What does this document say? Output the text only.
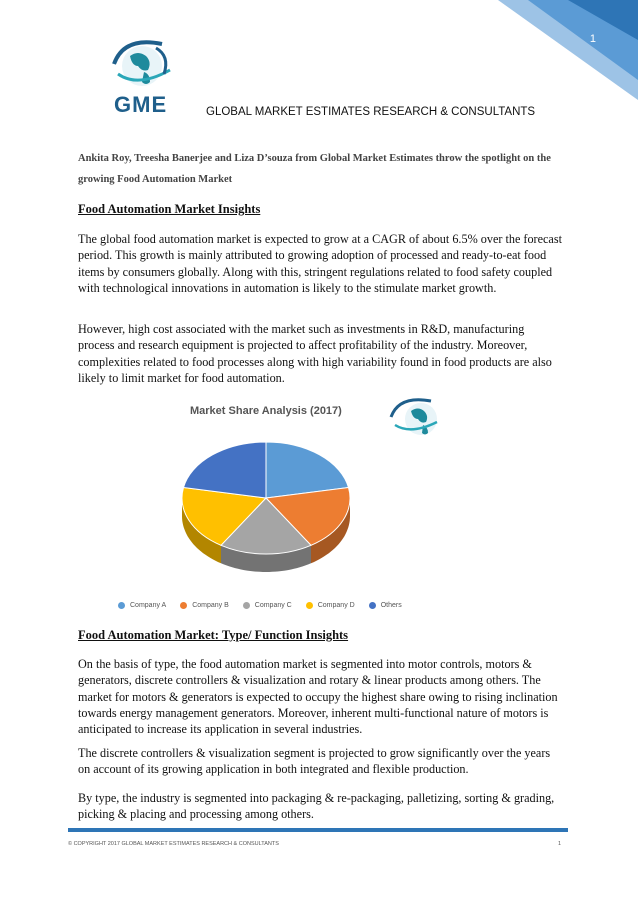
1
GME	GLOBAL MARKET ESTIMATES RESEARCH & CONSULTANTS
Ankita Roy, Treesha Banerjee and Liza D’souza from Global Market Estimates throw the spotlight on the growing Food Automation Market
Food Automation Market Insights
The global food automation market is expected to grow at a CAGR of about 6.5% over the forecast period. This growth is mainly attributed to growing adoption of processed and ready-to-eat food items by consumers globally. Along with this, stringent regulations related to food safety coupled with technological innovations in automation is likely to the stimulate market growth.
However, high cost associated with the market such as investments in R&D, manufacturing process and research equipment is projected to affect profitability of the industry. Moreover, complexities related to food processes along with high variability found in food products are also likely to limit market for food automation.
Market Share Analysis (2017)
Company A	Company B	Company C	Company D	Others
Food Automation Market: Type/ Function Insights
On the basis of type, the food automation market is segmented into motor controls, motors & generators, discrete controllers & visualization and rotary & linear products among others. The market for motors & generators is expected to occupy the highest share owing to rising inclination towards energy management generators. Moreover, inherent multi-functional nature of motors is anticipated to increase its application in several industries.
The discrete controllers & visualization segment is projected to grow significantly over the years on account of its growing application in both integrated and flexible production.
By type, the industry is segmented into packaging & re-packaging, palletizing, sorting & grading, picking & placing and processing among others.
© COPYRIGHT 2017 GLOBAL MARKET ESTIMATES RESEARCH & CONSULTANTS	1
